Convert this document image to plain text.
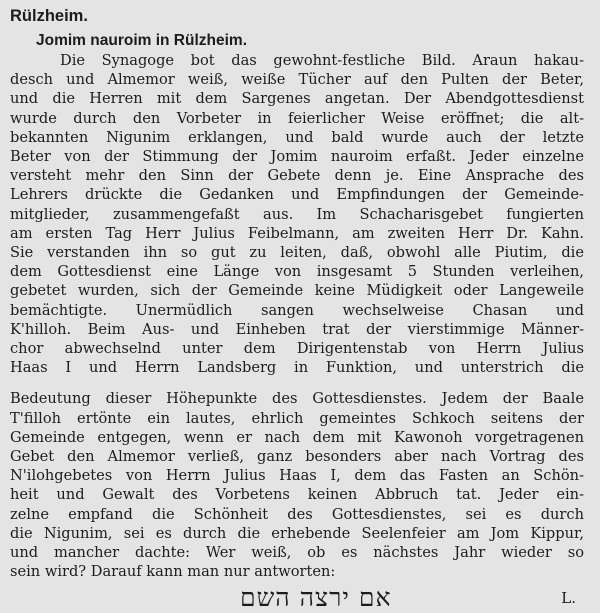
Rülzheim.
Jomim nauroim in Rülzheim.
Die Synagoge bot das gewohnt-festliche Bild. Araun hakau-
desch und Almemor weiß, weiße Tücher auf den Pulten der Beter,
und die Herren mit dem Sargenes angetan. Der Abendgottesdienst
wurde durch den Vorbeter in feierlicher Weise eröffnet; die alt-
bekannten Nigunim erklangen, und bald wurde auch der letzte
Beter von der Stimmung der Jomim nauroim erfaßt. Jeder einzelne
versteht mehr den Sinn der Gebete denn je. Eine Ansprache des
Lehrers drückte die Gedanken und Empfindungen der Gemeinde-
mitglieder, zusammengefaßt aus. Im Schacharisgebet fungierten
am ersten Tag Herr Julius Feibelmann, am zweiten Herr Dr. Kahn.
Sie verstanden ihn so gut zu leiten, daß, obwohl alle Piutim, die
dem Gottesdienst eine Länge von insgesamt 5 Stunden verleihen,
gebetet wurden, sich der Gemeinde keine Müdigkeit oder Langeweile
bemächtigte. Unermüdlich sangen wechselweise Chasan und
K'hilloh. Beim Aus- und Einheben trat der vierstimmige Männer-
chor abwechselnd unter dem Dirigentenstab von Herrn Julius
Haas I und Herrn Landsberg in Funktion, und unterstrich die
Bedeutung dieser Höhepunkte des Gottesdienstes. Jedem der Baale
T'filloh ertönte ein lautes, ehrlich gemeintes Schkoch seitens der
Gemeinde entgegen, wenn er nach dem mit Kawonoh vorgetragenen
Gebet den Almemor verließ, ganz besonders aber nach Vortrag des
N'ilohgebetes von Herrn Julius Haas I, dem das Fasten an Schön-
heit und Gewalt des Vorbetens keinen Abbruch tat. Jeder ein-
zelne empfand die Schönheit des Gottesdienstes, sei es durch
die Nigunim, sei es durch die erhebende Seelenfeier am Jom Kippur,
und mancher dachte: Wer weiß, ob es nächstes Jahr wieder so
sein wird? Darauf kann man nur antworten:
אם ירצה השם	L.
